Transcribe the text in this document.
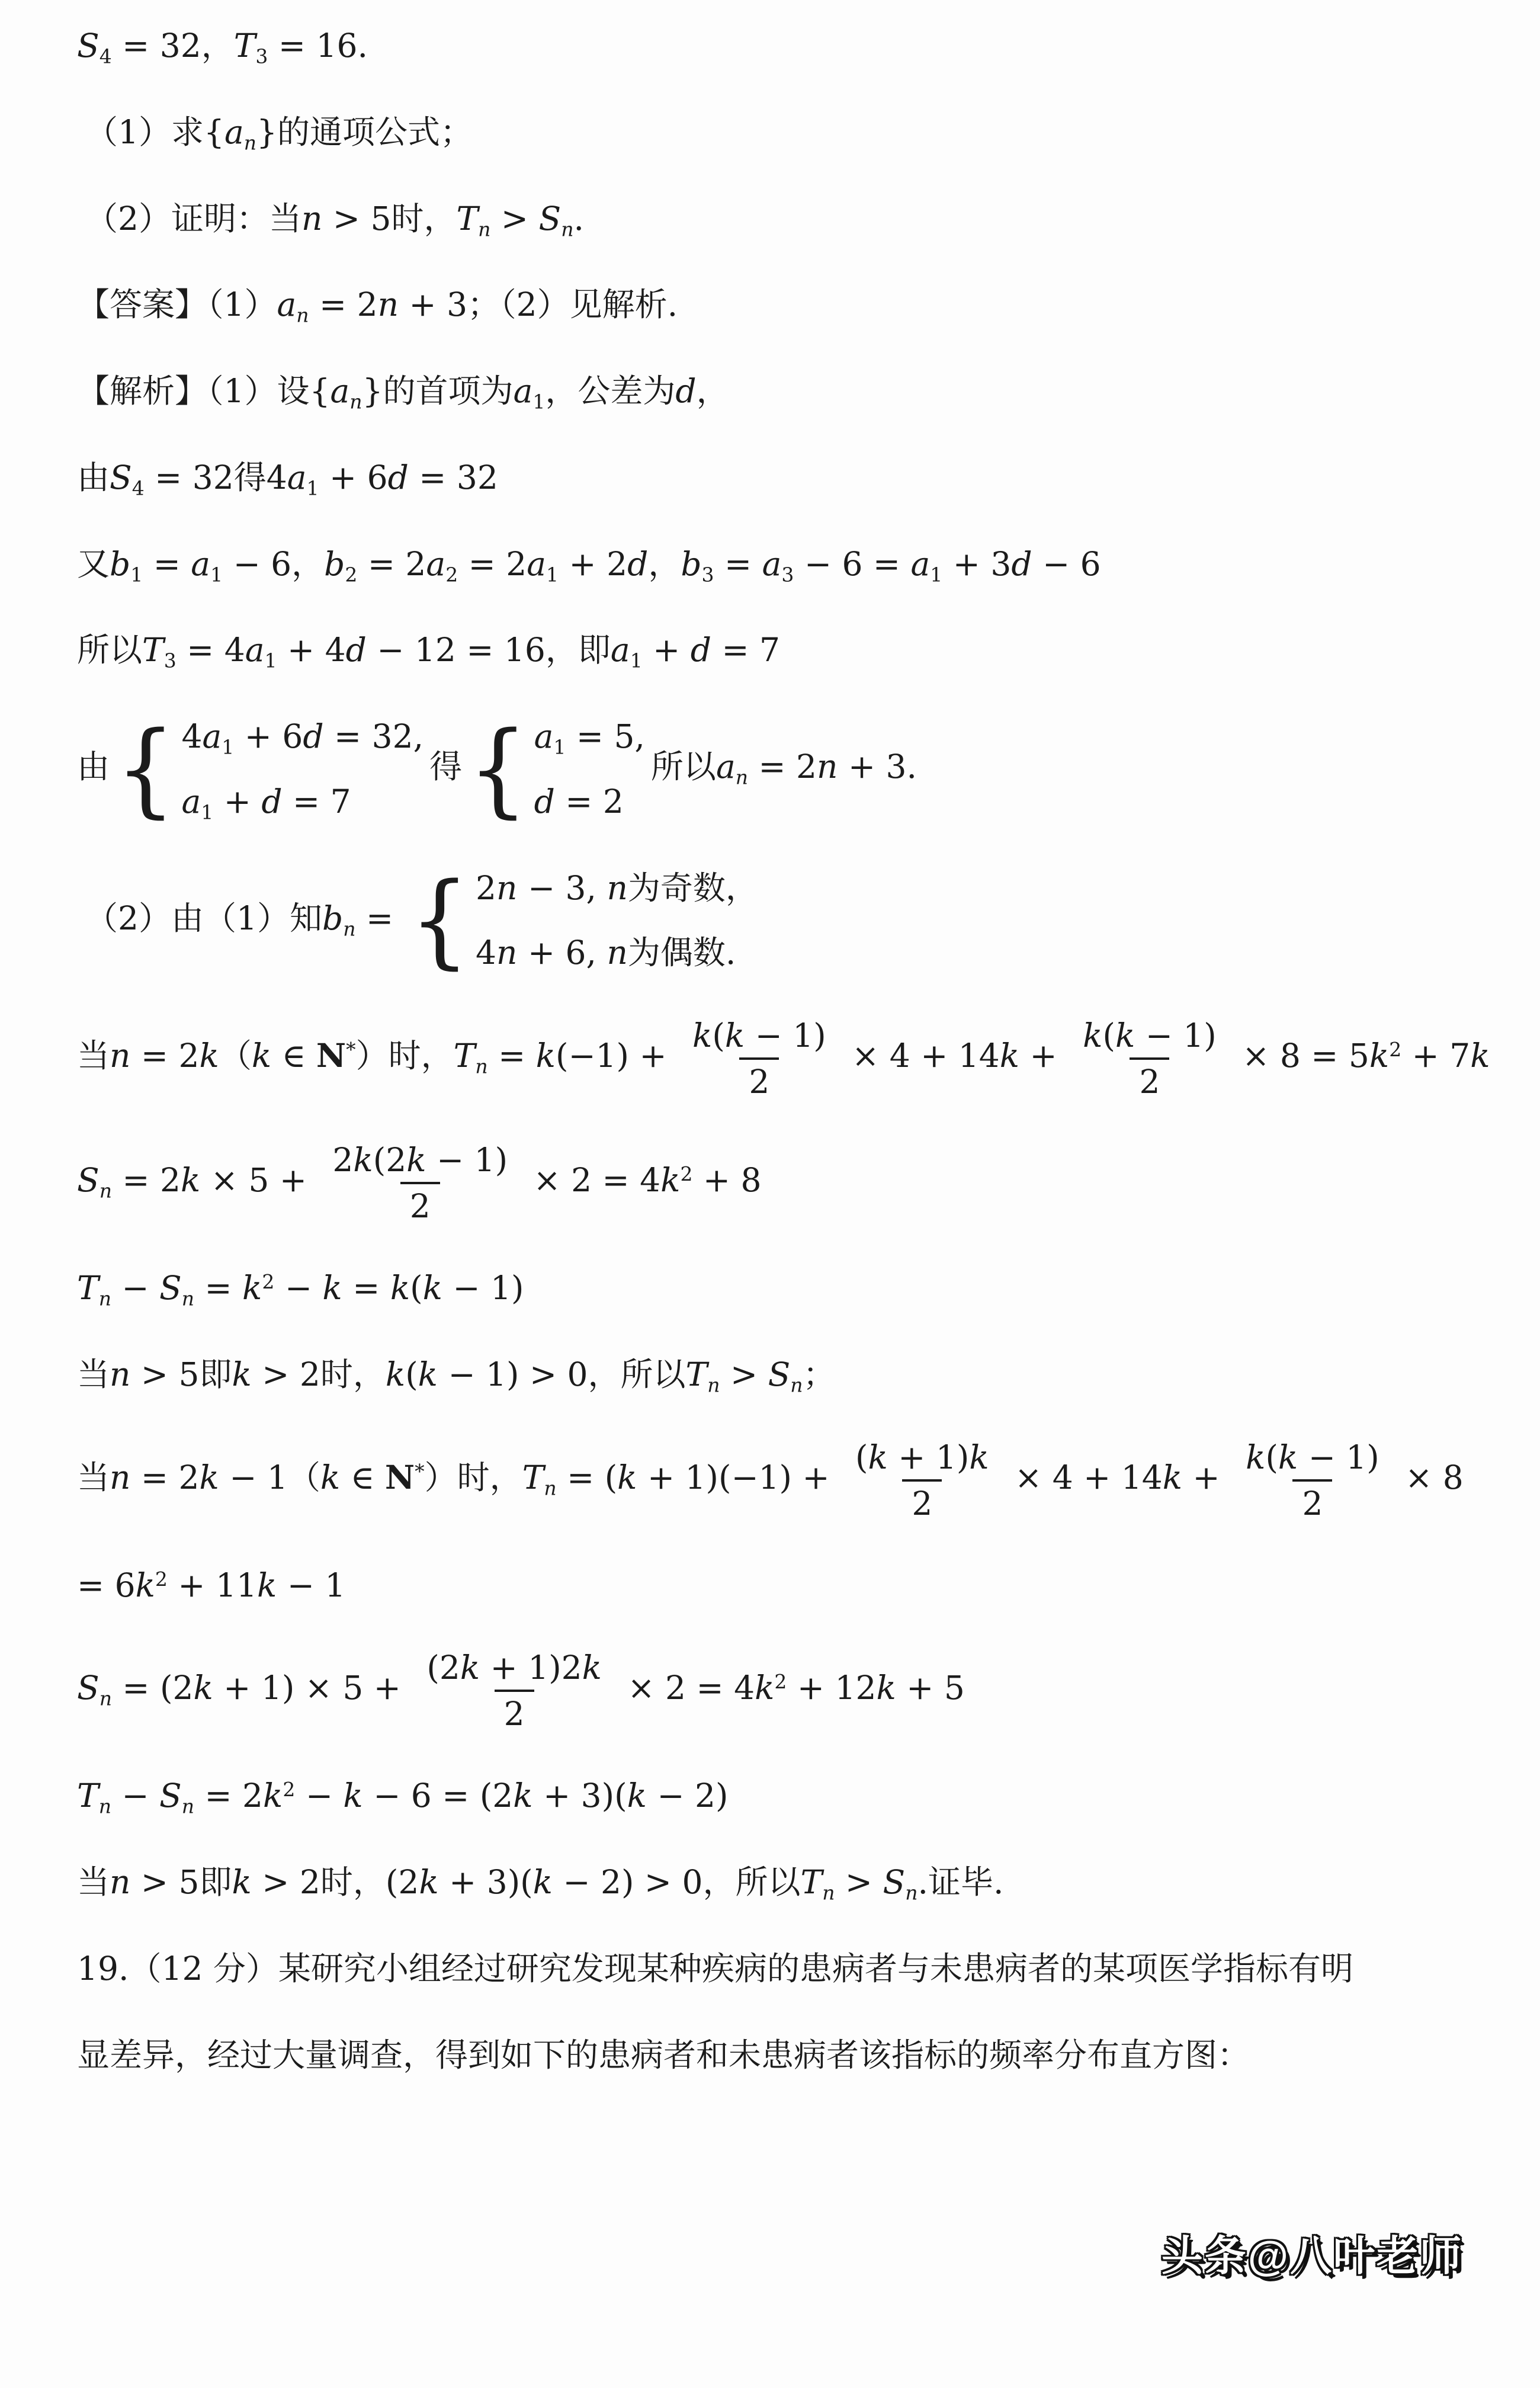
$S_4 = 32$，$T_3 = 16$.
（1）求$\{a_n\}$的通项公式；
（2）证明：当n > 5时，$T_n > S_n$.
【答案】$(1)a_n = 2n + 3$；（2）见解析.
【解析】（1）设$\{a_n\}$的首项为$a_1$，公差为d，
由$S_4 = 32$得$4a_1 + 6d = 32$
又$b_1 = a_1 - 6$，$b_2 = 2a_2 = 2a_1 + 2d$，$b_3 = a_3 - 6 = a_1 + 3d - 6$
所以$T_3 = 4a_1 + 4d - 12 = 16$，即$a_1 + d = 7$
由 { $4a_1 + 6d = 32$,
$a_1 + d = 7$
得 { $a_1 = 5$,
d = 2
所以$a_n = 2n + 3$.
（2）由（1）知$b_n$ = { 2n − 3, n为奇数，
4n + 6, n为偶数.
当n = 2k（k ∈ N*）时，$T_n = k(-1) + \frac{k(k - 1)}{2} \times 4 + 14k + \frac{k(k - 1)}{2} \times 8 = 5k^2 + 7k$
$S_n = 2k \times 5 + \frac{2k(2k - 1)}{2} \times 2 = 4k^2 + 8$
$T_n - S_n = k^2 - k = k(k - 1)$
当n > 5即k > 2时，k(k − 1) > 0，所以$T_n > S_n$；
当n = 2k − 1（k ∈ N*）时，$T_n = (k + 1)(-1) + \frac{(k + 1)k}{2} \times 4 + 14k + \frac{k(k - 1)}{2} \times 8$
= $6k^2 + 11k - 1$
$S_n = (2k + 1) \times 5 + \frac{(2k + 1)2k}{2} \times 2 = 4k^2 + 12k + 5$
$T_n - S_n = 2k^2 - k - 6 = (2k + 3)(k - 2)$
当n > 5即k > 2时，(2k + 3)(k − 2) > 0，所以$T_n > S_n$.证毕.
19.（12 分）某研究小组经过研究发现某种疾病的患病者与未患病者的某项医学指标有明
显差异，经过大量调查，得到如下的患病者和未患病者该指标的频率分布直方图：
头条@八叶老师
